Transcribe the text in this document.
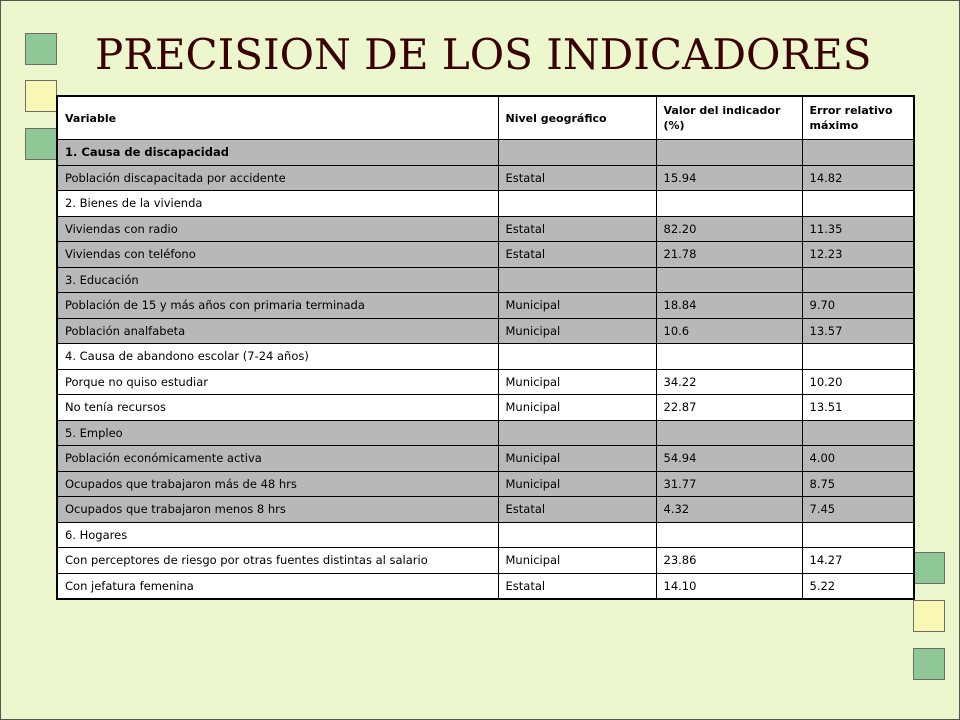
PRECISION DE LOS INDICADORES
Variable	Nivel geográfico	Valor del indicador (%)	Error relativo máximo
1. Causa de discapacidad			
Población discapacitada por accidente	Estatal	15.94	14.82
2. Bienes de la vivienda			
Viviendas con radio	Estatal	82.20	11.35
Viviendas con teléfono	Estatal	21.78	12.23
3. Educación			
Población de 15 y más años con primaria terminada	Municipal	18.84	9.70
Población analfabeta	Municipal	10.6	13.57
4. Causa de abandono escolar (7-24 años)			
Porque no quiso estudiar	Municipal	34.22	10.20
No tenía recursos	Municipal	22.87	13.51
5. Empleo			
Población económicamente activa	Municipal	54.94	4.00
Ocupados que trabajaron más de 48 hrs	Municipal	31.77	8.75
Ocupados que trabajaron menos 8 hrs	Estatal	4.32	7.45
6. Hogares			
Con perceptores de riesgo por otras fuentes distintas al salario	Municipal	23.86	14.27
Con jefatura femenina	Estatal	14.10	5.22
